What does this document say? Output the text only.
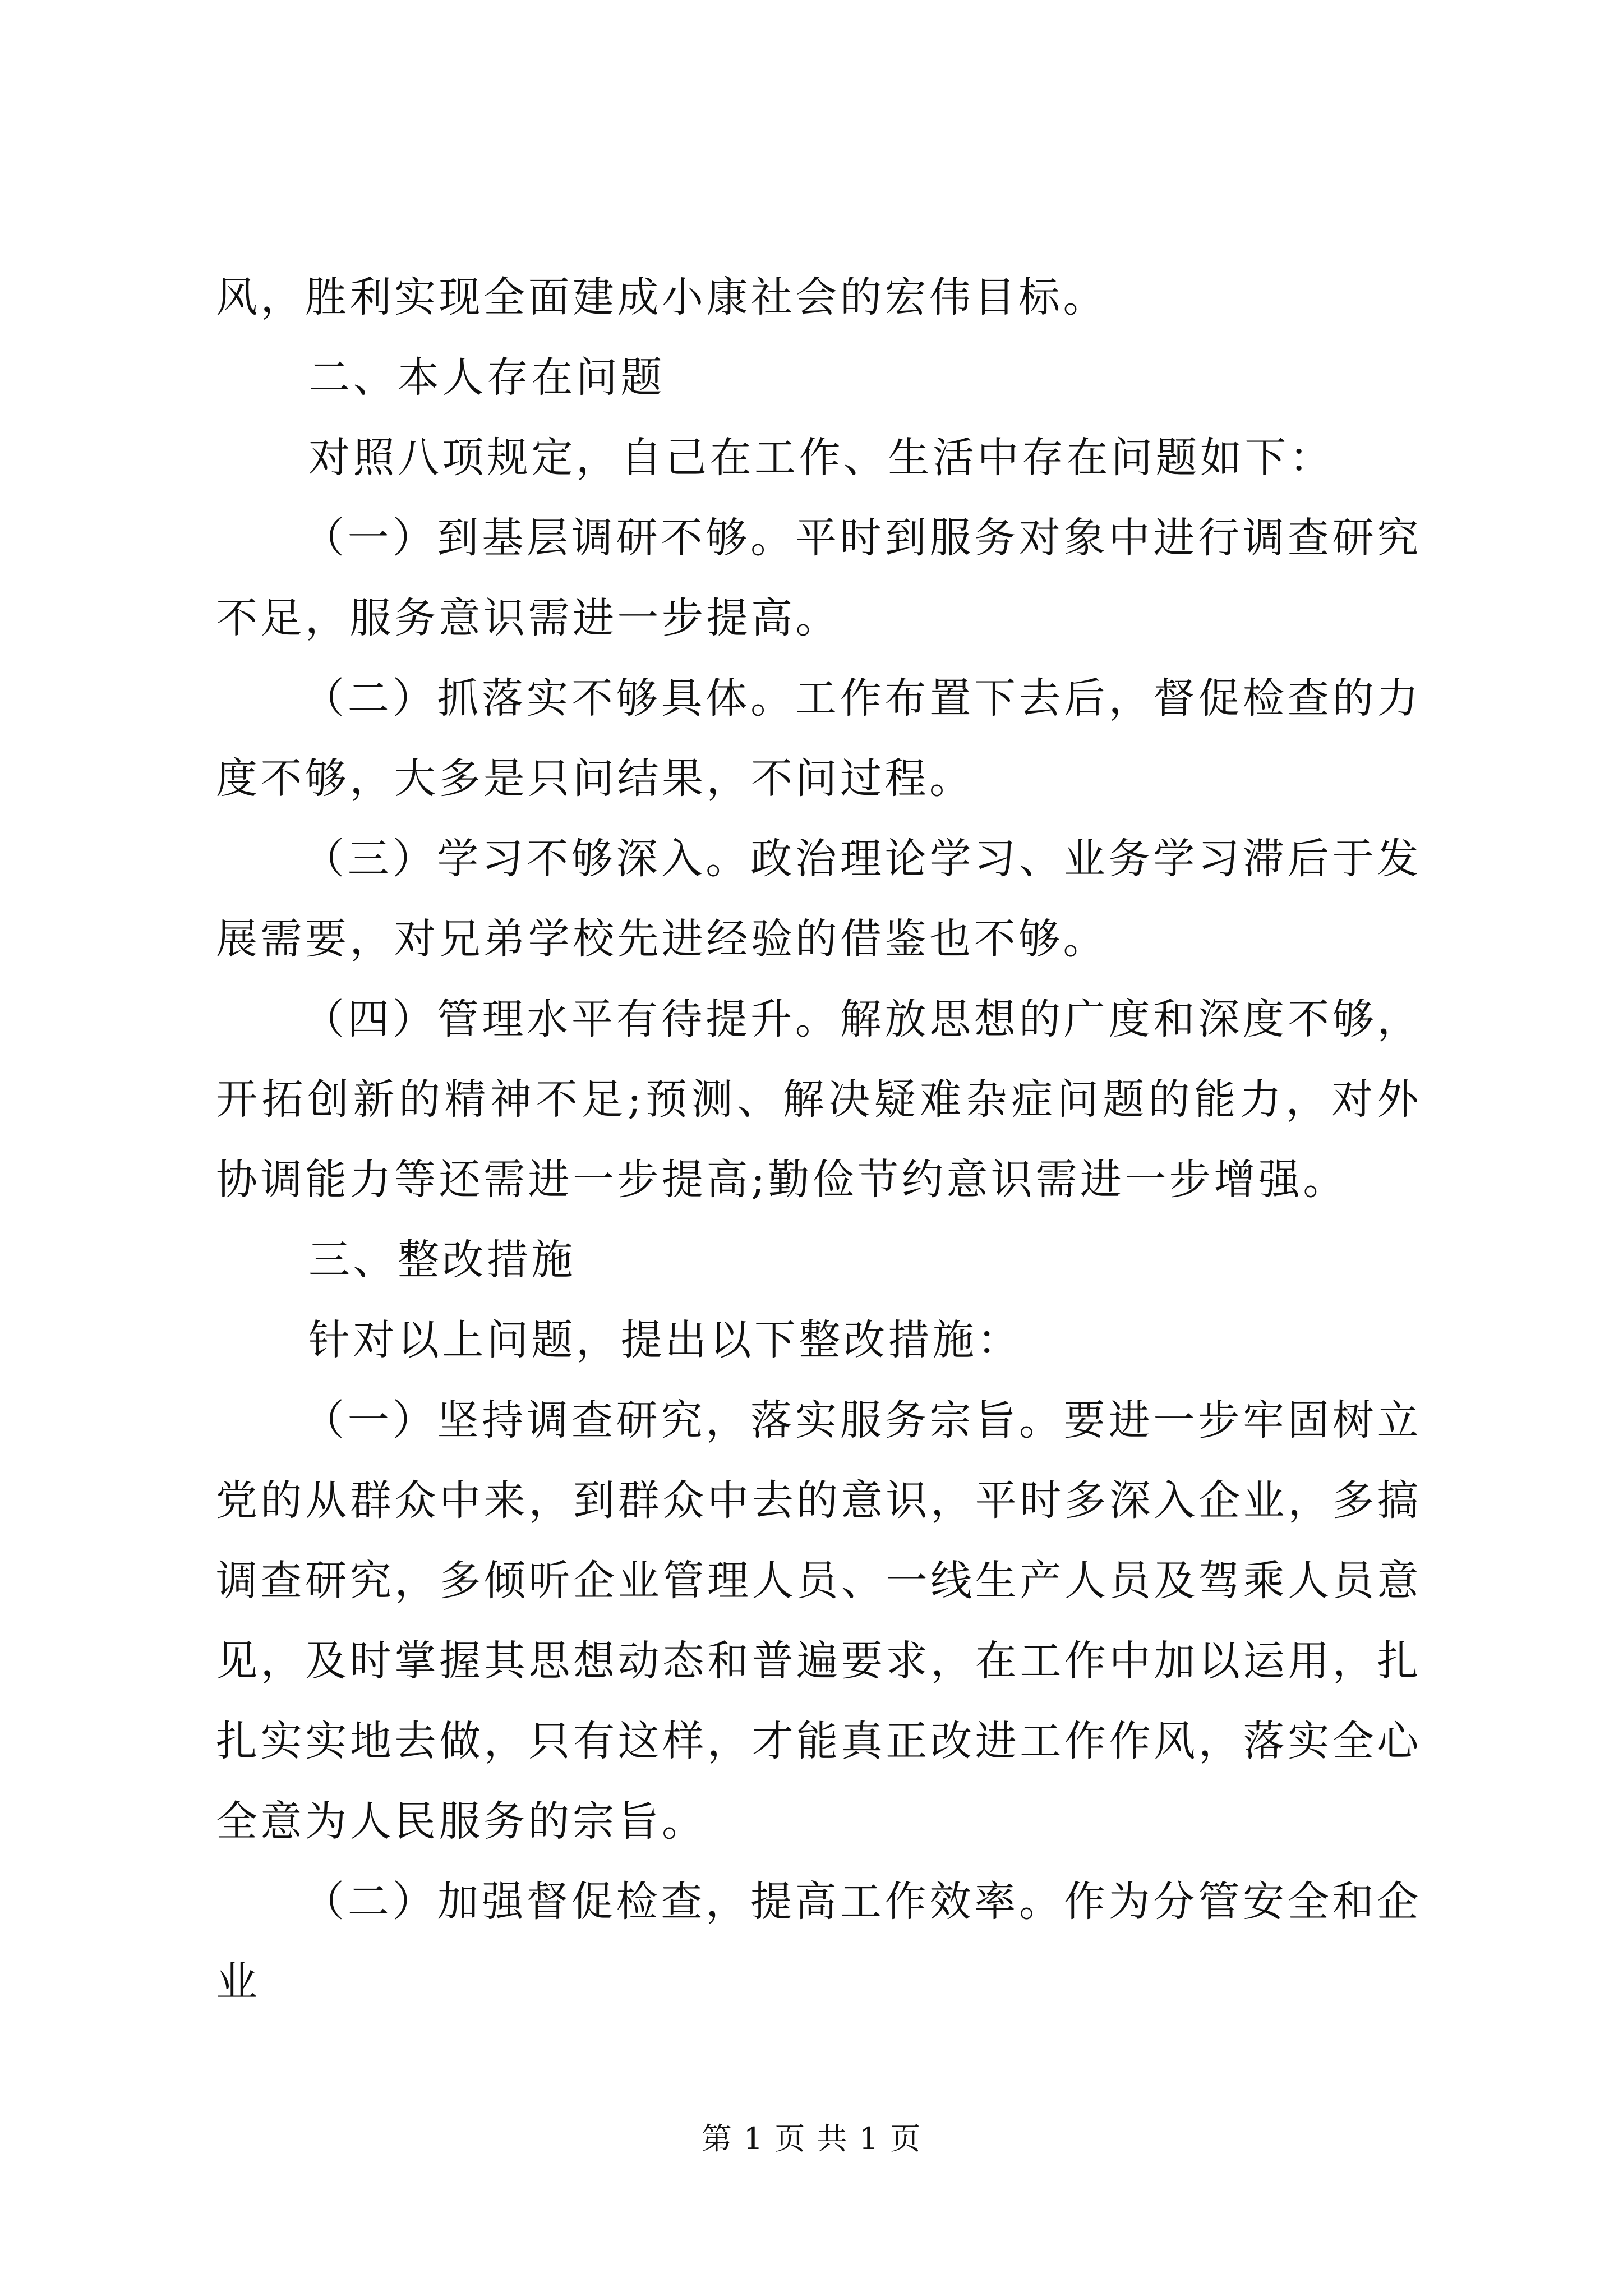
风，胜利实现全面建成小康社会的宏伟目标。

二、本人存在问题

对照八项规定，自己在工作、生活中存在问题如下：

（一）到基层调研不够。平时到服务对象中进行调查研究不足，服务意识需进一步提高。

（二）抓落实不够具体。工作布置下去后，督促检查的力度不够，大多是只问结果，不问过程。

（三）学习不够深入。政治理论学习、业务学习滞后于发展需要，对兄弟学校先进经验的借鉴也不够。

（四）管理水平有待提升。解放思想的广度和深度不够，开拓创新的精神不足;预测、解决疑难杂症问题的能力，对外协调能力等还需进一步提高;勤俭节约意识需进一步增强。

三、整改措施

针对以上问题，提出以下整改措施：

（一）坚持调查研究，落实服务宗旨。要进一步牢固树立党的从群众中来，到群众中去的意识，平时多深入企业，多搞调查研究，多倾听企业管理人员、一线生产人员及驾乘人员意见，及时掌握其思想动态和普遍要求，在工作中加以运用，扎扎实实地去做，只有这样，才能真正改进工作作风，落实全心全意为人民服务的宗旨。

（二）加强督促检查，提高工作效率。作为分管安全和企业

第 1 页 共 1 页
